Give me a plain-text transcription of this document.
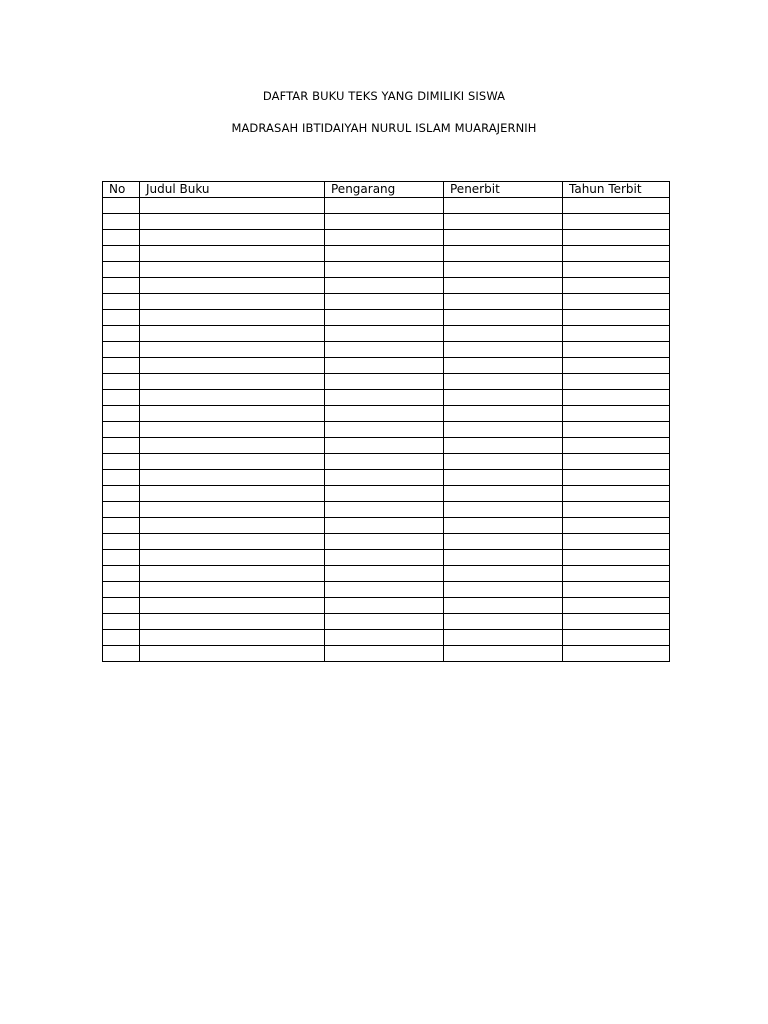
DAFTAR BUKU TEKS YANG DIMILIKI SISWA
MADRASAH IBTIDAIYAH NURUL ISLAM MUARAJERNIH
No	Judul Buku	Pengarang	Penerbit	Tahun Terbit
